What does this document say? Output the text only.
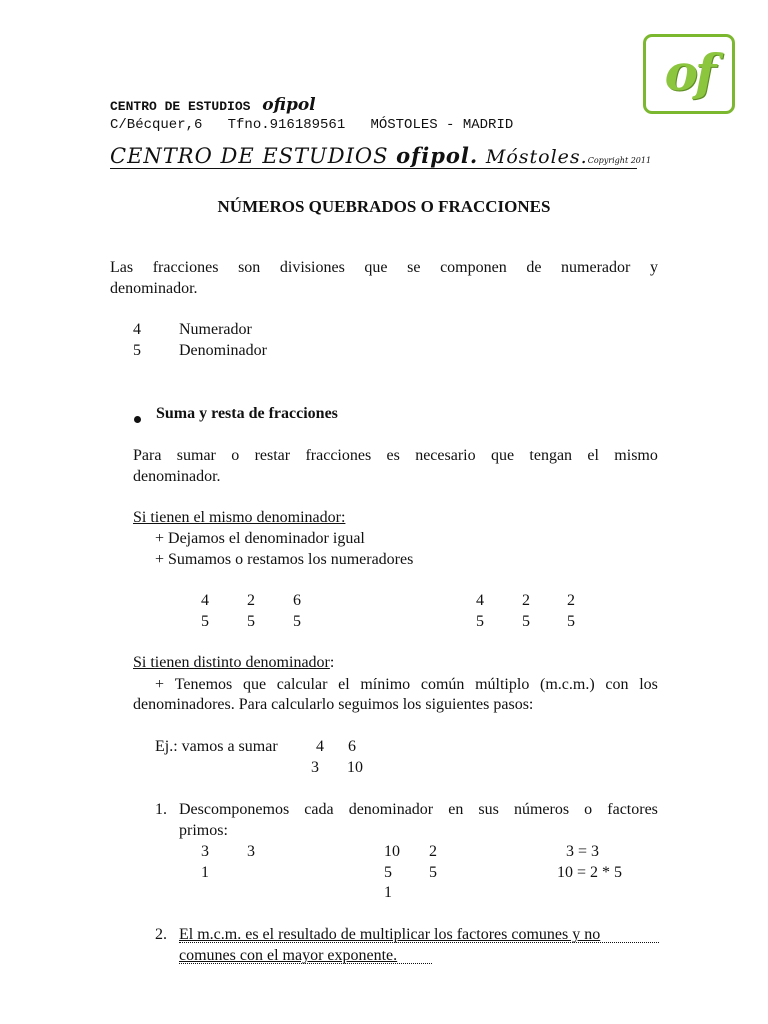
of
CENTRO DE ESTUDIOS ofipol
C/Bécquer,6   Tfno.916189561   MÓSTOLES - MADRID
CENTRO DE ESTUDIOS ofipol. Móstoles.Copyright 2011
NÚMEROS QUEBRADOS O FRACCIONES
Las fracciones son divisiones que se componen de numerador y
denominador.
4 Numerador
5 Denominador
Suma y resta de fracciones
Para sumar o restar fracciones es necesario que tengan el mismo
denominador.
Si tienen el mismo denominador:
+ Dejamos el denominador igual
+ Sumamos o restamos los numeradores
4 2 6
5 5 5
4 2 2
5 5 5
Si tienen distinto denominador:
+ Tenemos que calcular el mínimo común múltiplo (m.c.m.) con los
denominadores. Para calcularlo seguimos los siguientes pasos:
Ej.: vamos a sumar 4 6
3 10
1. Descomponemos cada denominador en sus números o factores
primos:
3 3
1
10 2
5 5
1
3 = 3
10 = 2 * 5
2. El m.c.m. es el resultado de multiplicar los factores comunes y no
comunes con el mayor exponente.
